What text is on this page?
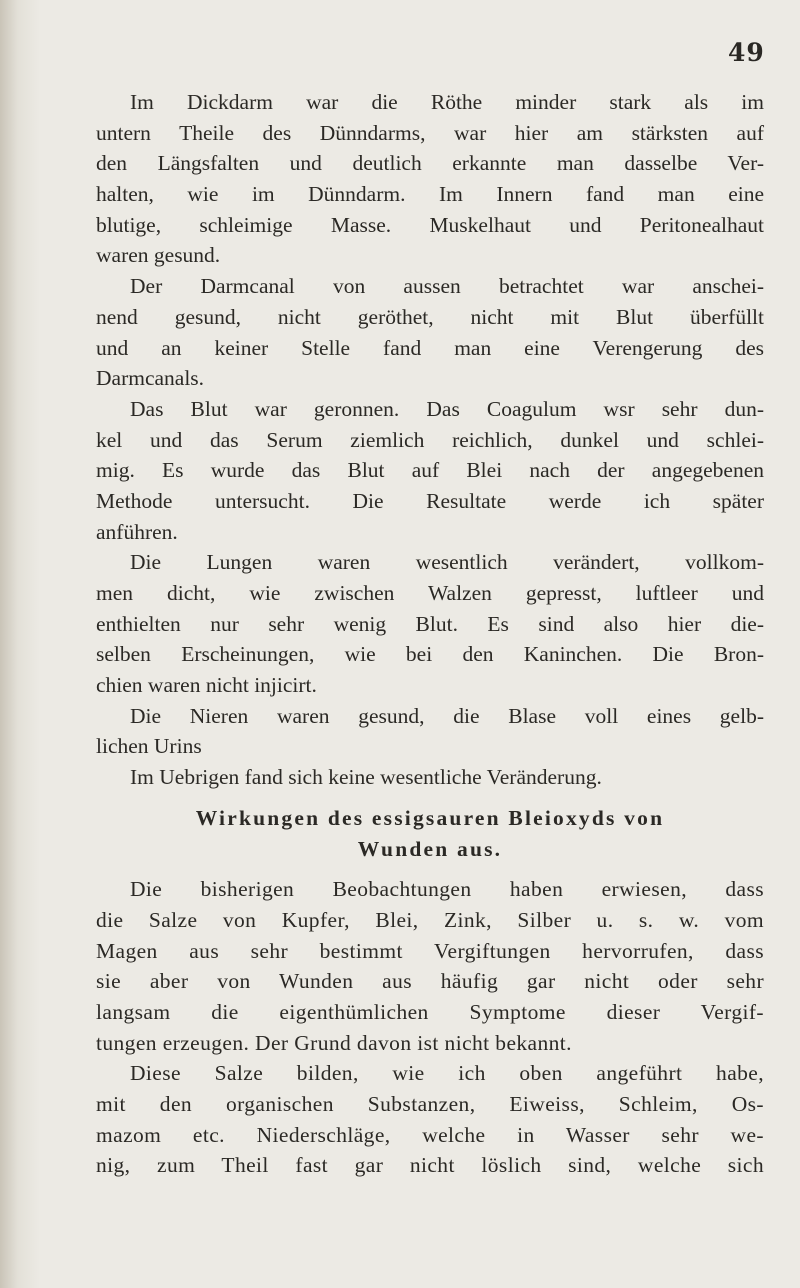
49
Im Dickdarm war die Röthe minder stark als im
untern Theile des Dünndarms, war hier am stärksten auf
den Längsfalten und deutlich erkannte man dasselbe Ver-
halten, wie im Dünndarm. Im Innern fand man eine
blutige, schleimige Masse. Muskelhaut und Peritonealhaut
waren gesund.
Der Darmcanal von aussen betrachtet war anschei-
nend gesund, nicht geröthet, nicht mit Blut überfüllt
und an keiner Stelle fand man eine Verengerung des
Darmcanals.
Das Blut war geronnen. Das Coagulum wsr sehr dun-
kel und das Serum ziemlich reichlich, dunkel und schlei-
mig. Es wurde das Blut auf Blei nach der angegebenen
Methode untersucht. Die Resultate werde ich später
anführen.
Die Lungen waren wesentlich verändert, vollkom-
men dicht, wie zwischen Walzen gepresst, luftleer und
enthielten nur sehr wenig Blut. Es sind also hier die-
selben Erscheinungen, wie bei den Kaninchen. Die Bron-
chien waren nicht injicirt.
Die Nieren waren gesund, die Blase voll eines gelb-
lichen Urins
Im Uebrigen fand sich keine wesentliche Veränderung.
Wirkungen des essigsauren Bleioxyds von
Wunden aus.
Die bisherigen Beobachtungen haben erwiesen, dass
die Salze von Kupfer, Blei, Zink, Silber u. s. w. vom
Magen aus sehr bestimmt Vergiftungen hervorrufen, dass
sie aber von Wunden aus häufig gar nicht oder sehr
langsam die eigenthümlichen Symptome dieser Vergif-
tungen erzeugen. Der Grund davon ist nicht bekannt.
Diese Salze bilden, wie ich oben angeführt habe,
mit den organischen Substanzen, Eiweiss, Schleim, Os-
mazom etc. Niederschläge, welche in Wasser sehr we-
nig, zum Theil fast gar nicht löslich sind, welche sich
